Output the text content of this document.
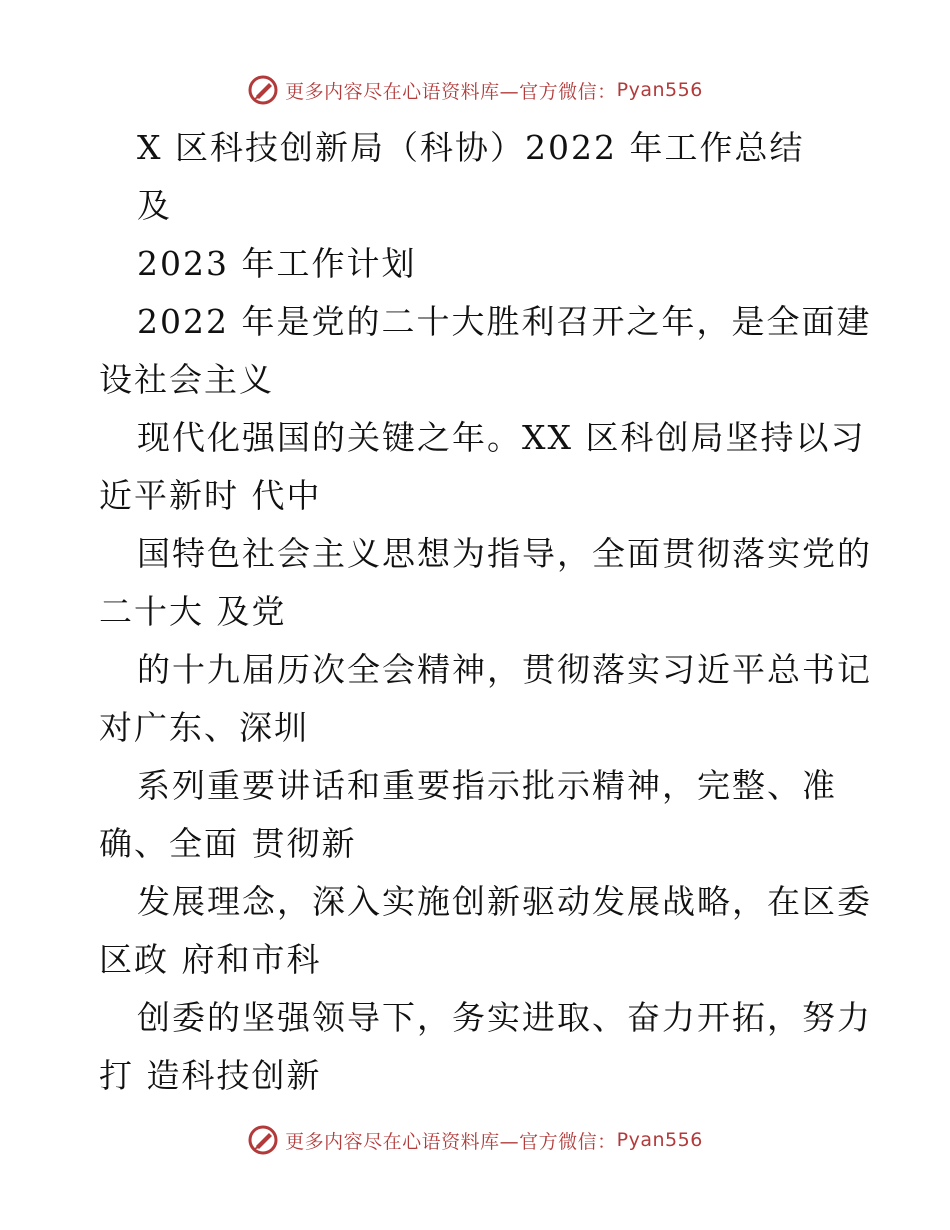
更多内容尽在心语资料库—官方微信： Pyan556
X 区科技创新局（科协）2022 年工作总结
及
2023 年工作计划
2022 年是党的二十大胜利召开之年，是全面建
设社会主义
现代化强国的关键之年。XX 区科创局坚持以习
近平新时 代中
国特色社会主义思想为指导，全面贯彻落实党的
二十大 及党
的十九届历次全会精神，贯彻落实习近平总书记
对广东、深圳
系列重要讲话和重要指示批示精神，完整、准
确、全面 贯彻新
发展理念，深入实施创新驱动发展战略，在区委
区政 府和市科
创委的坚强领导下，务实进取、奋力开拓，努力
打 造科技创新
更多内容尽在心语资料库—官方微信： Pyan556
